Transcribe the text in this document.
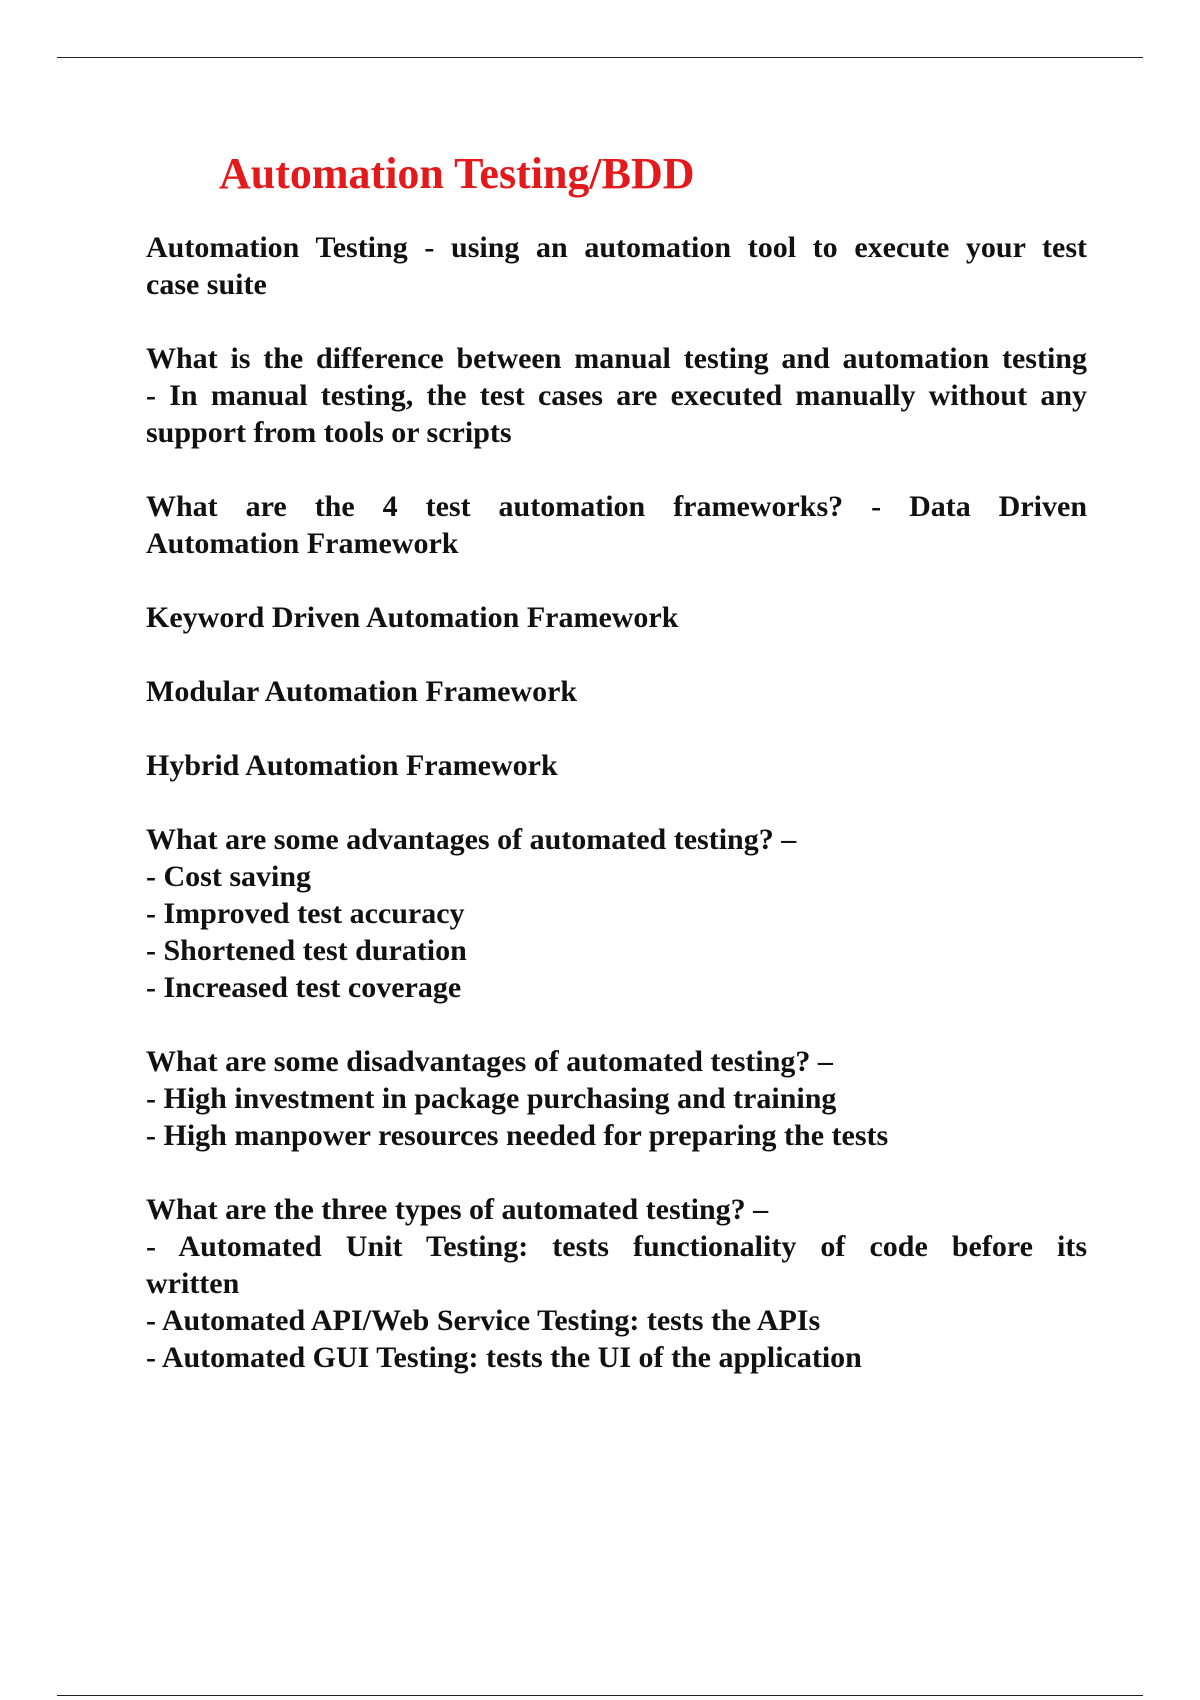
Automation Testing/BDD
Automation Testing - using an automation tool to execute your test
case suite
What is the difference between manual testing and automation testing
- In manual testing, the test cases are executed manually without any
support from tools or scripts
What are the 4 test automation frameworks? - Data Driven
Automation Framework
Keyword Driven Automation Framework
Modular Automation Framework
Hybrid Automation Framework
What are some advantages of automated testing? –
- Cost saving
- Improved test accuracy
- Shortened test duration
- Increased test coverage
What are some disadvantages of automated testing? –
- High investment in package purchasing and training
- High manpower resources needed for preparing the tests
What are the three types of automated testing? –
- Automated Unit Testing: tests functionality of code before its
written
- Automated API/Web Service Testing: tests the APIs
- Automated GUI Testing: tests the UI of the application
